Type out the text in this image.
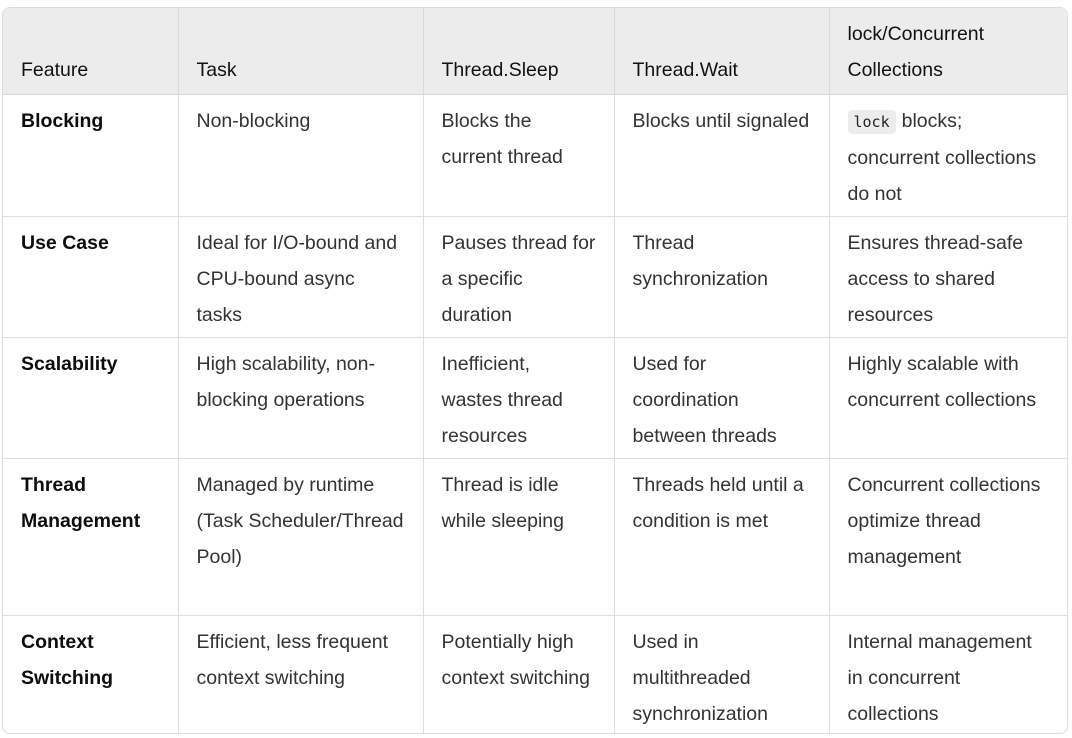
Feature	Task	Thread.Sleep	Thread.Wait	lock/Concurrent Collections
Blocking	Non-blocking	Blocks the current thread	Blocks until signaled	lock blocks; concurrent collections do not
Use Case	Ideal for I/O-bound and CPU-bound async tasks	Pauses thread for a specific duration	Thread synchronization	Ensures thread-safe access to shared resources
Scalability	High scalability, non-blocking operations	Inefficient, wastes thread resources	Used for coordination between threads	Highly scalable with concurrent collections
Thread Management	Managed by runtime (Task Scheduler/Thread Pool)	Thread is idle while sleeping	Threads held until a condition is met	Concurrent collections optimize thread management
Context Switching	Efficient, less frequent context switching	Potentially high context switching	Used in multithreaded synchronization	Internal management in concurrent collections
